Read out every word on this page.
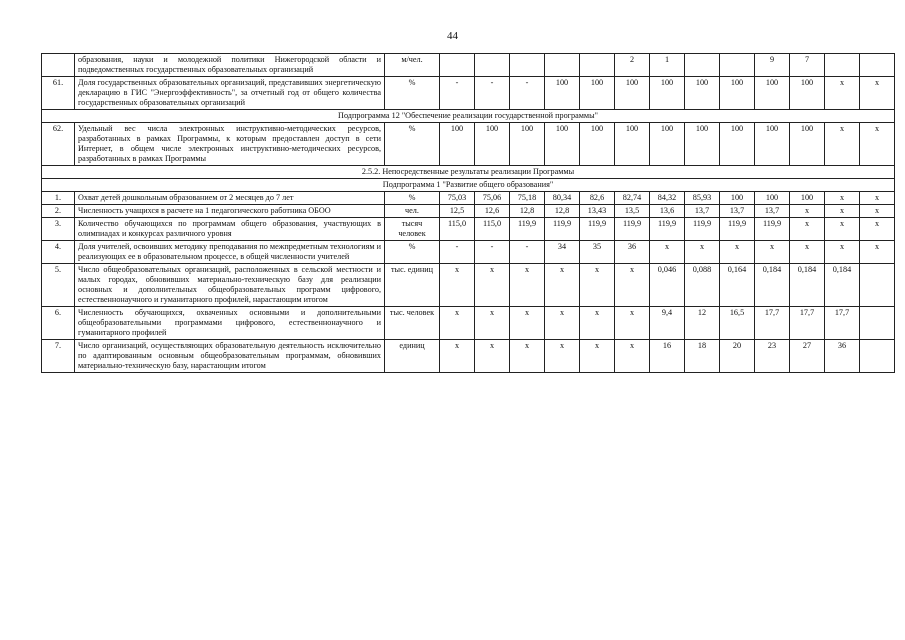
44
	образования, науки и молодежной политики Нижегородской области и подведомственных государственных образовательных организаций	м/чел.						2	1			9	7		
61.	Доля государственных образовательных организаций, представивших энергетическую декларацию в ГИС "Энергоэффективность", за отчетный год от общего количества государственных образовательных организаций	%	-	-	-	100	100	100	100	100	100	100	100	x	x
Подпрограмма 12 "Обеспечение реализации государственной программы"															
62.	Удельный вес числа электронных инструктивно-методических ресурсов, разработанных в рамках Программы, к которым предоставлен доступ в сети Интернет, в общем числе электронных инструктивно-методических ресурсов, разработанных в рамках Программы	%	100	100	100	100	100	100	100	100	100	100	100	x	x
2.5.2. Непосредственные результаты реализации Программы															
Подпрограмма 1 "Развитие общего образования"															
1.	Охват детей дошкольным образованием от 2 месяцев до 7 лет	%	75,03	75,06	75,18	80,34	82,6	82,74	84,32	85,93	100	100	100	x	x
2.	Численность учащихся в расчете на 1 педагогического работника ОБОО	чел.	12,5	12,6	12,8	12,8	13,43	13,5	13,6	13,7	13,7	13,7	x	x	x
3.	Количество обучающихся по программам общего образования, участвующих в олимпиадах и конкурсах различного уровня	тысяч человек	115,0	115,0	119,9	119,9	119,9	119,9	119,9	119,9	119,9	119,9	x	x	x
4.	Доля учителей, освоивших методику преподавания по межпредметным технологиям и реализующих ее в образовательном процессе, в общей численности учителей	%	-	-	-	34	35	36	x	x	x	x	x	x	x
5.	Число общеобразовательных организаций, расположенных в сельской местности и малых городах, обновивших материально-техническую базу для реализации основных и дополнительных общеобразовательных программ цифрового, естественнонаучного и гуманитарного профилей, нарастающим итогом	тыс. единиц	x	x	x	x	x	x	0,046	0,088	0,164	0,184	0,184	0,184	
6.	Численность обучающихся, охваченных основными и дополнительными общеобразовательными программами цифрового, естественнонаучного и гуманитарного профилей	тыс. человек	x	x	x	x	x	x	9,4	12	16,5	17,7	17,7	17,7	
7.	Число организаций, осуществляющих образовательную деятельность исключительно по адаптированным основным общеобразовательным программам, обновивших материально-техническую базу, нарастающим итогом	единиц	x	x	x	x	x	x	16	18	20	23	27	36	
